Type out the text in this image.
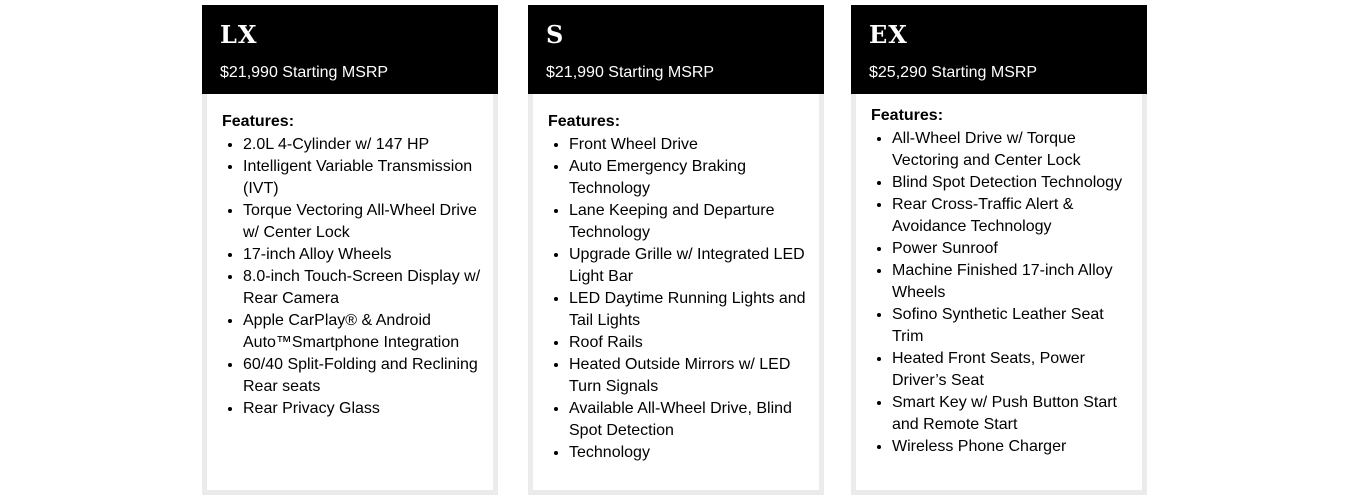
LX
$21,990 Starting MSRP
Features:
• 2.0L 4-Cylinder w/ 147 HP
• Intelligent Variable Transmission (IVT)
• Torque Vectoring All-Wheel Drive w/ Center Lock
• 17-inch Alloy Wheels
• 8.0-inch Touch-Screen Display w/ Rear Camera
• Apple CarPlay® & Android Auto™Smartphone Integration
• 60/40 Split-Folding and Reclining Rear seats
• Rear Privacy Glass
S
$21,990 Starting MSRP
Features:
• Front Wheel Drive
• Auto Emergency Braking Technology
• Lane Keeping and Departure Technology
• Upgrade Grille w/ Integrated LED Light Bar
• LED Daytime Running Lights and Tail Lights
• Roof Rails
• Heated Outside Mirrors w/ LED Turn Signals
• Available All-Wheel Drive, Blind Spot Detection
• Technology
EX
$25,290 Starting MSRP
Features:
• All-Wheel Drive w/ Torque Vectoring and Center Lock
• Blind Spot Detection Technology
• Rear Cross-Traffic Alert & Avoidance Technology
• Power Sunroof
• Machine Finished 17-inch Alloy Wheels
• Sofino Synthetic Leather Seat Trim
• Heated Front Seats, Power Driver’s Seat
• Smart Key w/ Push Button Start and Remote Start
• Wireless Phone Charger
